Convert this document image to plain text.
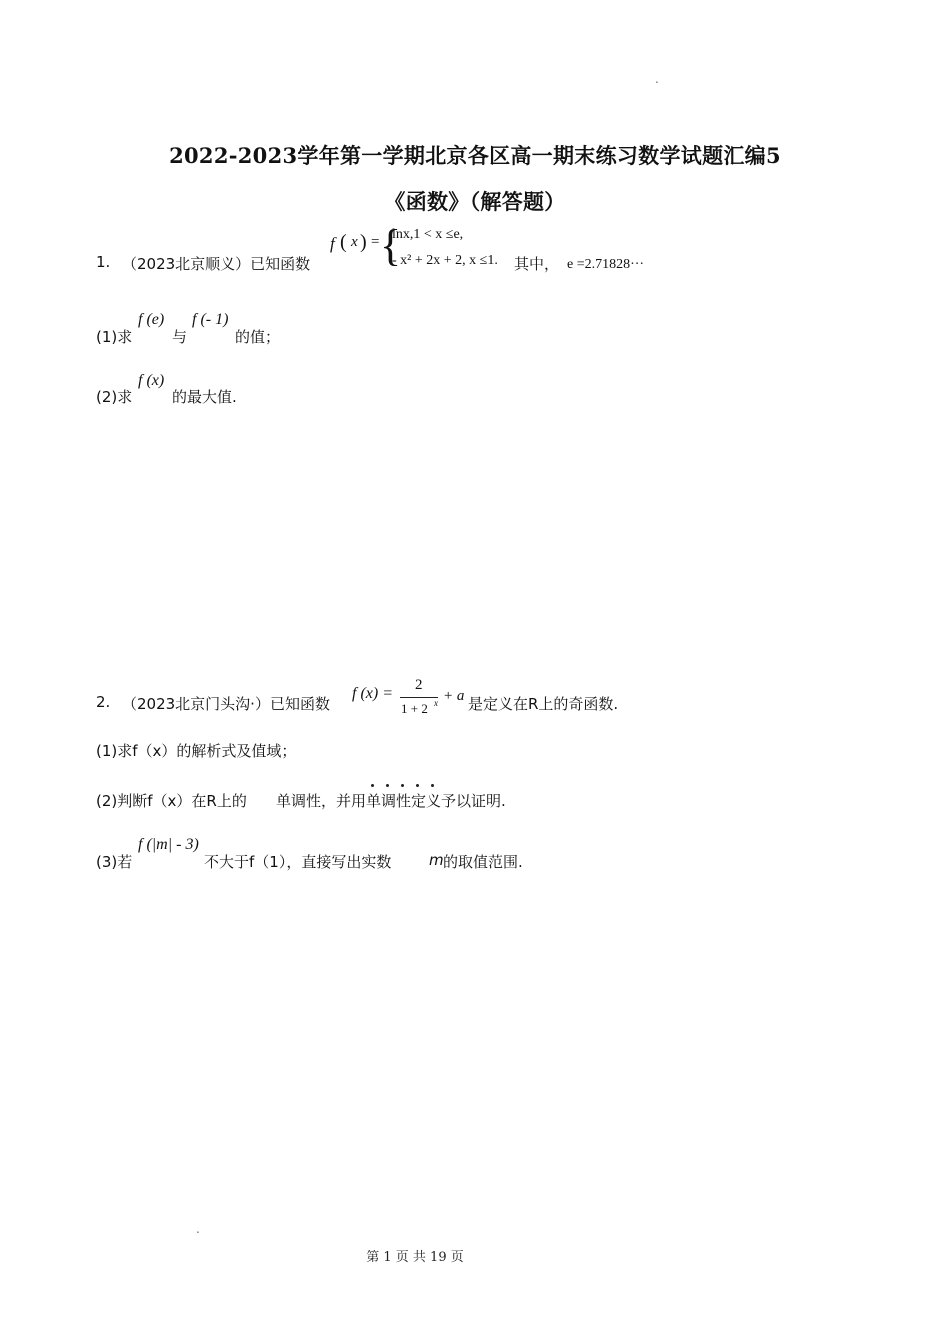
.
2022-2023学年第一学期北京各区高一期末练习数学试题汇编5
《函数》（解答题）
1. （2023北京顺义）已知函数
f ( x ) = {
lnx,1 < x ≤e,
- x² + 2x + 2, x ≤1. 其中， e =2.71828···
(1)求
f (e)
与
f (- 1)
的值；
(2)求
f (x)
的最大值.
2. （2023北京门头沟·）已知函数
f (x) = 2
1 + 2 x + a 是定义在R上的奇函数.
(1)求f（x）的解析式及值域；
(2)判断f（x）在R上的 单调性 ，并用单调性定义予以证明.
(3)若
f (|m| - 3)
不大于f（1），直接写出实数	m 的取值范围.
.
第 1 页 共 19 页
